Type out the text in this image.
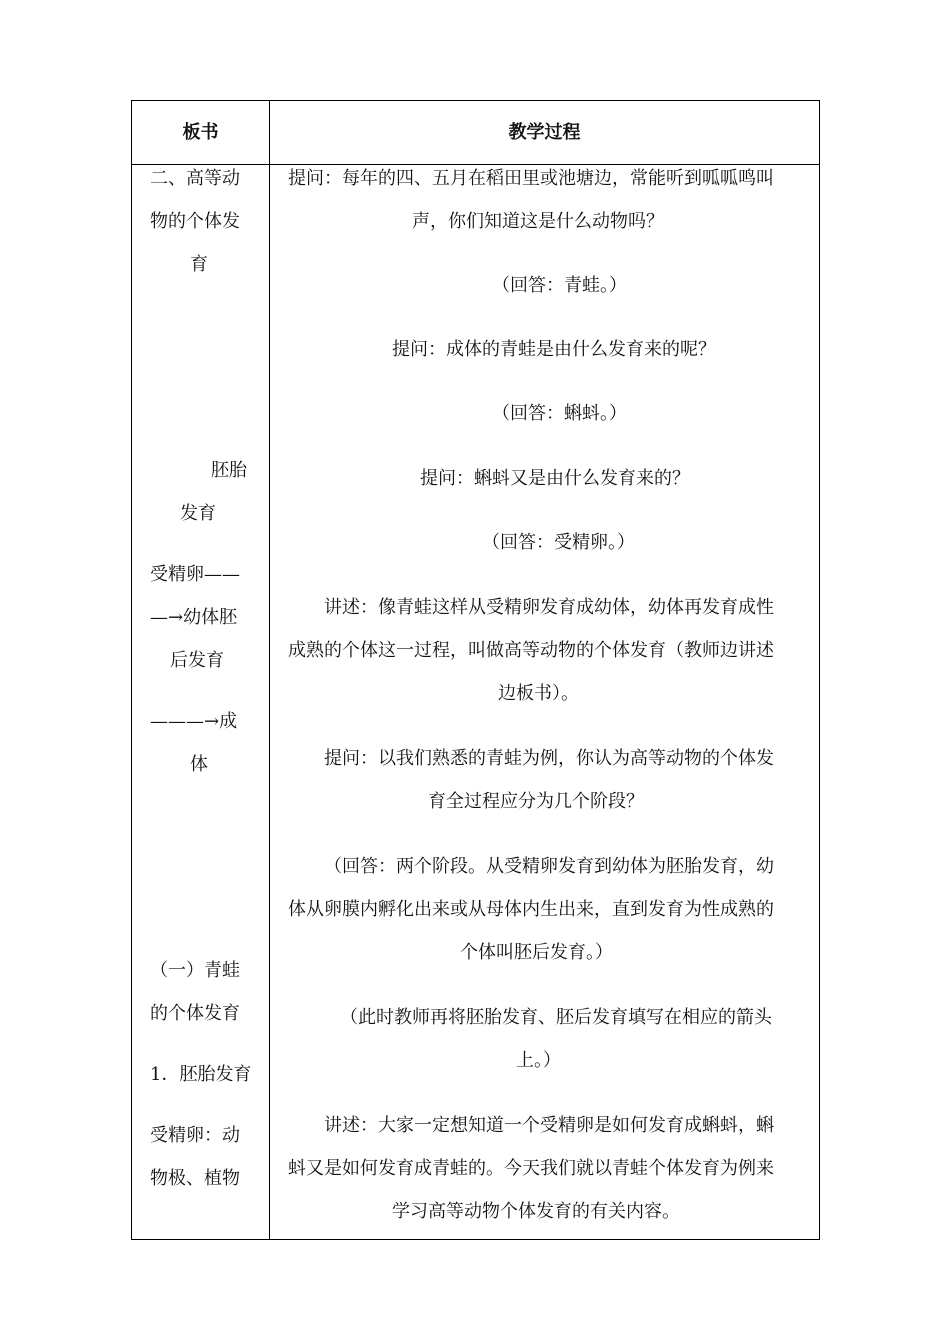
板书	教学过程
二、高等动
物的个体发
育
胚胎
发育
受精卵——
—→幼体胚
后发育
———→成
体
（一）青蛙
的个体发育
1．胚胎发育
受精卵：动
物极、植物
提问：每年的四、五月在稻田里或池塘边，常能听到呱呱鸣叫
声，你们知道这是什么动物吗？
（回答：青蛙。）
提问：成体的青蛙是由什么发育来的呢？
（回答：蝌蚪。）
提问：蝌蚪又是由什么发育来的？
（回答：受精卵。）
讲述：像青蛙这样从受精卵发育成幼体，幼体再发育成性
成熟的个体这一过程，叫做高等动物的个体发育（教师边讲述
边板书）。
提问：以我们熟悉的青蛙为例，你认为高等动物的个体发
育全过程应分为几个阶段？
（回答：两个阶段。从受精卵发育到幼体为胚胎发育，幼
体从卵膜内孵化出来或从母体内生出来，直到发育为性成熟的
个体叫胚后发育。）
（此时教师再将胚胎发育、胚后发育填写在相应的箭头
上。）
讲述：大家一定想知道一个受精卵是如何发育成蝌蚪，蝌
蚪又是如何发育成青蛙的。今天我们就以青蛙个体发育为例来
学习高等动物个体发育的有关内容。
